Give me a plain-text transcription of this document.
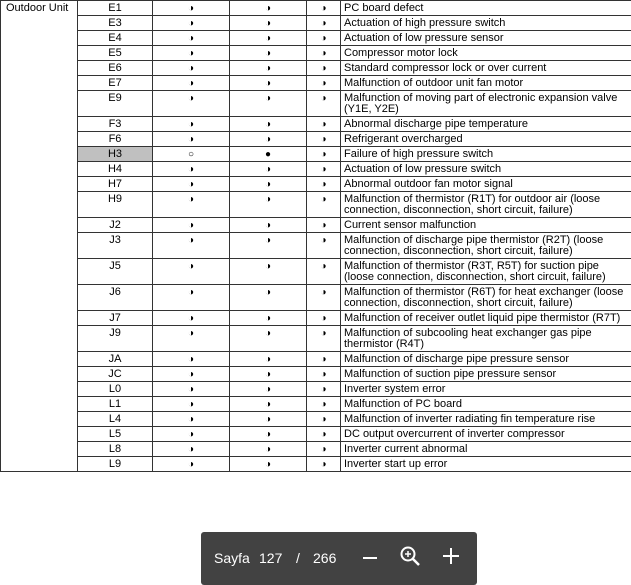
Outdoor Unit	E1	◑	◑	◑	PC board defect
	E3	◑	◑	◑	Actuation of high pressure switch
	E4	◑	◑	◑	Actuation of low pressure sensor
	E5	◑	◑	◑	Compressor motor lock
	E6	◑	◑	◑	Standard compressor lock or over current
	E7	◑	◑	◑	Malfunction of outdoor unit fan motor
	E9	◑	◑	◑	Malfunction of moving part of electronic expansion valve (Y1E, Y2E)
	F3	◑	◑	◑	Abnormal discharge pipe temperature
	F6	◑	◑	◑	Refrigerant overcharged
	H3	○	●	◑	Failure of high pressure switch
	H4	◑	◑	◑	Actuation of low pressure switch
	H7	◑	◑	◑	Abnormal outdoor fan motor signal
	H9	◑	◑	◑	Malfunction of thermistor (R1T) for outdoor air (loose connection, disconnection, short circuit, failure)
	J2	◑	◑	◑	Current sensor malfunction
	J3	◑	◑	◑	Malfunction of discharge pipe thermistor (R2T) (loose connection, disconnection, short circuit, failure)
	J5	◑	◑	◑	Malfunction of thermistor (R3T, R5T) for suction pipe (loose connection, disconnection, short circuit, failure)
	J6	◑	◑	◑	Malfunction of thermistor (R6T) for heat exchanger (loose connection, disconnection, short circuit, failure)
	J7	◑	◑	◑	Malfunction of receiver outlet liquid pipe thermistor (R7T)
	J9	◑	◑	◑	Malfunction of subcooling heat exchanger gas pipe thermistor (R4T)
	JA	◑	◑	◑	Malfunction of discharge pipe pressure sensor
	JC	◑	◑	◑	Malfunction of suction pipe pressure sensor
	L0	◑	◑	◑	Inverter system error
	L1	◑	◑	◑	Malfunction of PC board
	L4	◑	◑	◑	Malfunction of inverter radiating fin temperature rise
	L5	◑	◑	◑	DC output overcurrent of inverter compressor
	L8	◑	◑	◑	Inverter current abnormal
	L9	◑	◑	◑	Inverter start up error
Sayfa 127 / 266
